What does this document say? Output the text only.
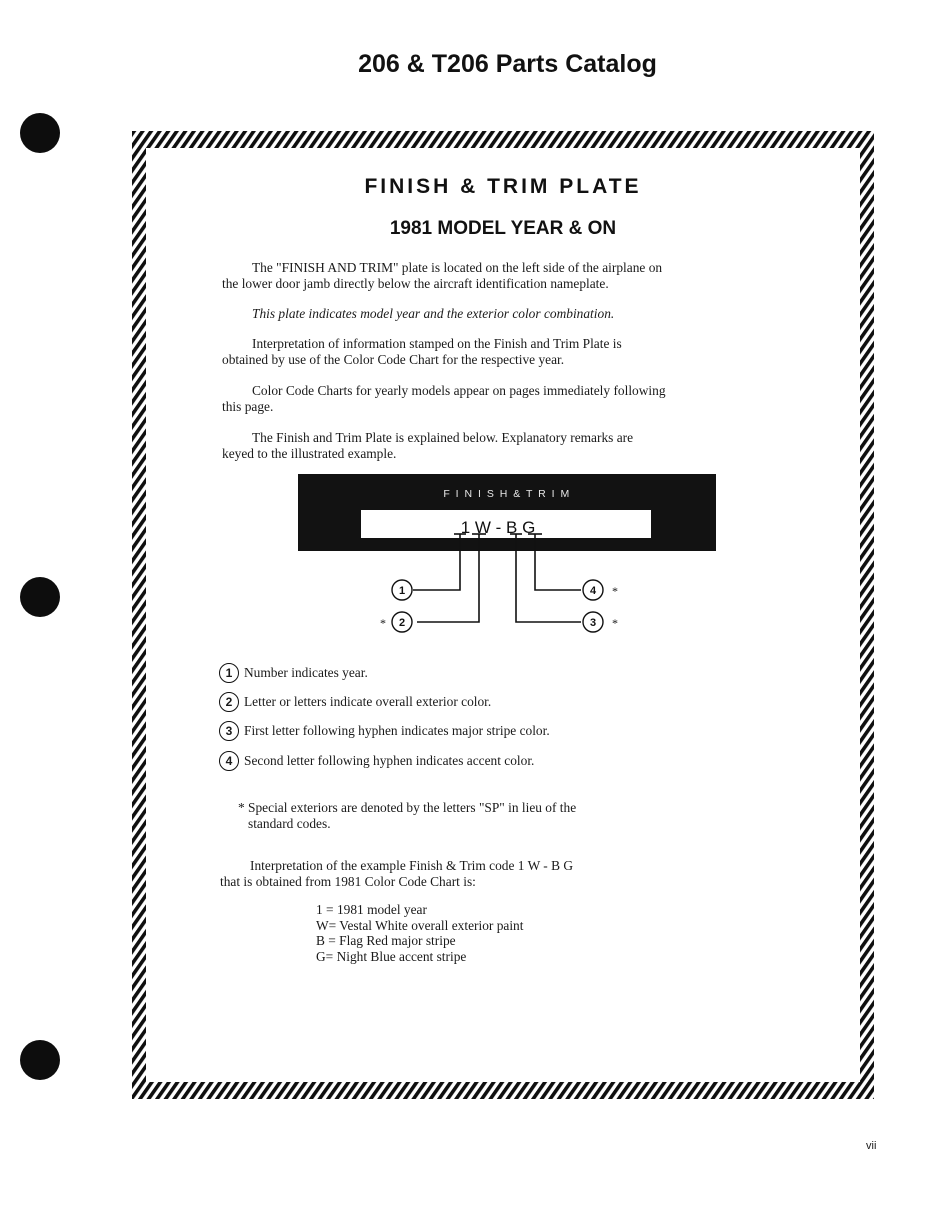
206 & T206 Parts Catalog
FINISH & TRIM PLATE
1981 MODEL YEAR & ON
The "FINISH AND TRIM" plate is located on the left side of the airplane on
the lower door jamb directly below the aircraft identification nameplate.
This plate indicates model year and the exterior color combination.
Interpretation of information stamped on the Finish and Trim Plate is
obtained by use of the Color Code Chart for the respective year.
Color Code Charts for yearly models appear on pages immediately following
this page.
The Finish and Trim Plate is explained below. Explanatory remarks are
keyed to the illustrated example.
F I N I S H & T R I M
1 W - B G
1
2	3
4
*
*
*
1 Number indicates year.
2 Letter or letters indicate overall exterior color.
3 First letter following hyphen indicates major stripe color.
4 Second letter following hyphen indicates accent color.
* Special exteriors are denoted by the letters "SP" in lieu of the
standard codes.
Interpretation of the example Finish & Trim code 1 W - B G
that is obtained from 1981 Color Code Chart is:
1 = 1981 model year
W= Vestal White overall exterior paint
B = Flag Red major stripe
G= Night Blue accent stripe
vii
